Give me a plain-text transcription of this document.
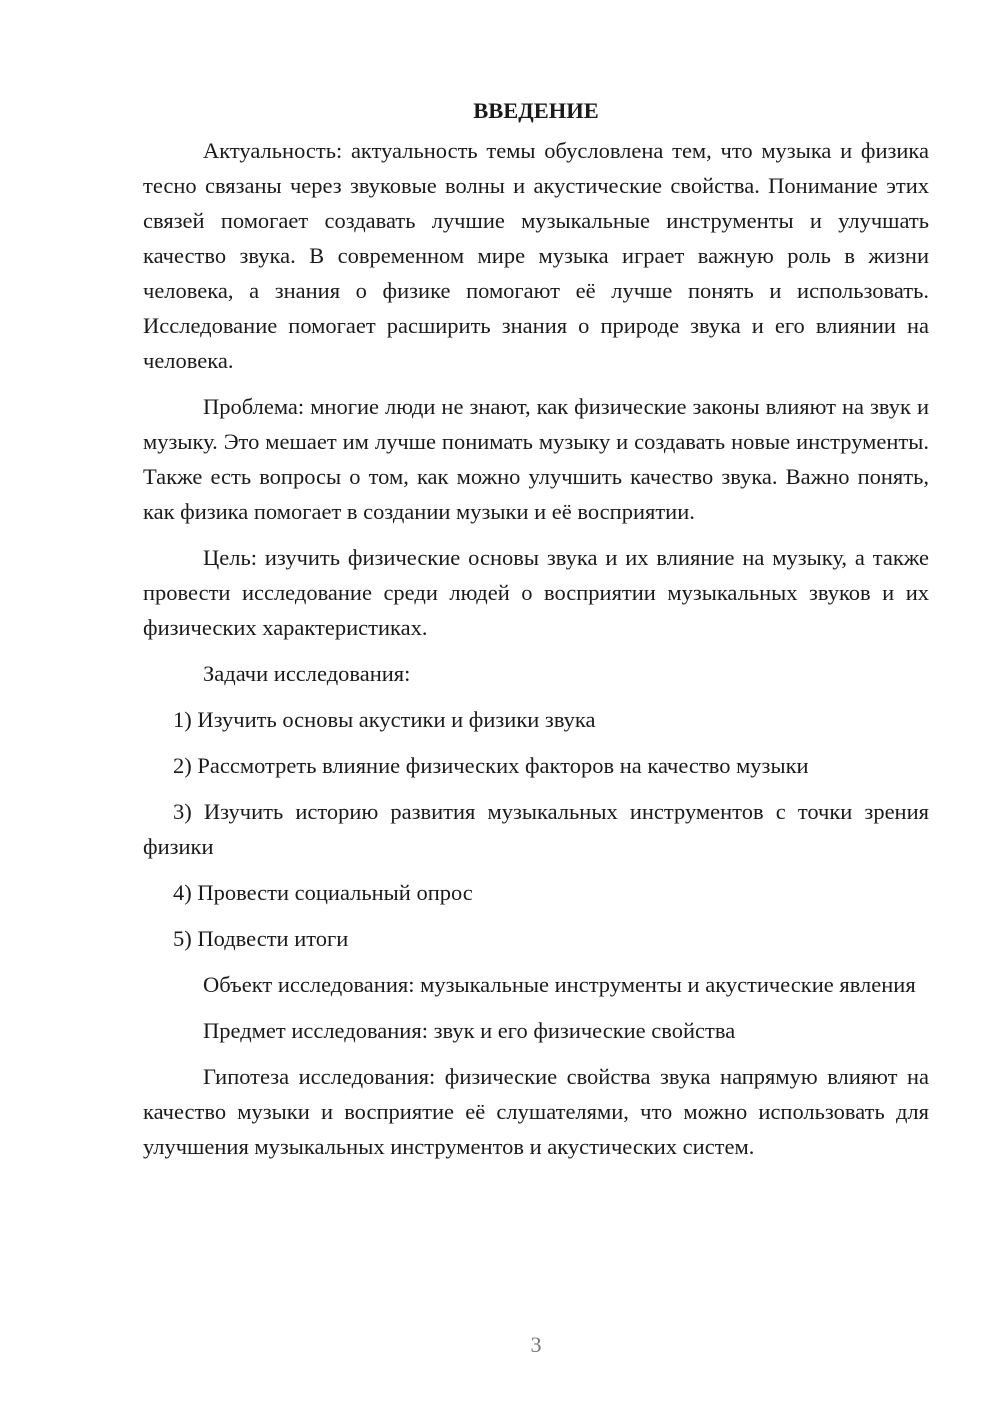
ВВЕДЕНИЕ

Актуальность: актуальность темы обусловлена тем, что музыка и физика тесно связаны через звуковые волны и акустические свойства. Понимание этих связей помогает создавать лучшие музыкальные инструменты и улучшать качество звука. В современном мире музыка играет важную роль в жизни человека, а знания о физике помогают её лучше понять и использовать. Исследование помогает расширить знания о природе звука и его влиянии на человека.

Проблема: многие люди не знают, как физические законы влияют на звук и музыку. Это мешает им лучше понимать музыку и создавать новые инструменты. Также есть вопросы о том, как можно улучшить качество звука. Важно понять, как физика помогает в создании музыки и её восприятии.

Цель: изучить физические основы звука и их влияние на музыку, а также провести исследование среди людей о восприятии музыкальных звуков и их физических характеристиках.

Задачи исследования:

1) Изучить основы акустики и физики звука

2) Рассмотреть влияние физических факторов на качество музыки

3) Изучить историю развития музыкальных инструментов с точки зрения физики

4) Провести социальный опрос

5) Подвести итоги

Объект исследования: музыкальные инструменты и акустические явления

Предмет исследования: звук и его физические свойства

Гипотеза исследования: физические свойства звука напрямую влияют на качество музыки и восприятие её слушателями, что можно использовать для улучшения музыкальных инструментов и акустических систем.

3
